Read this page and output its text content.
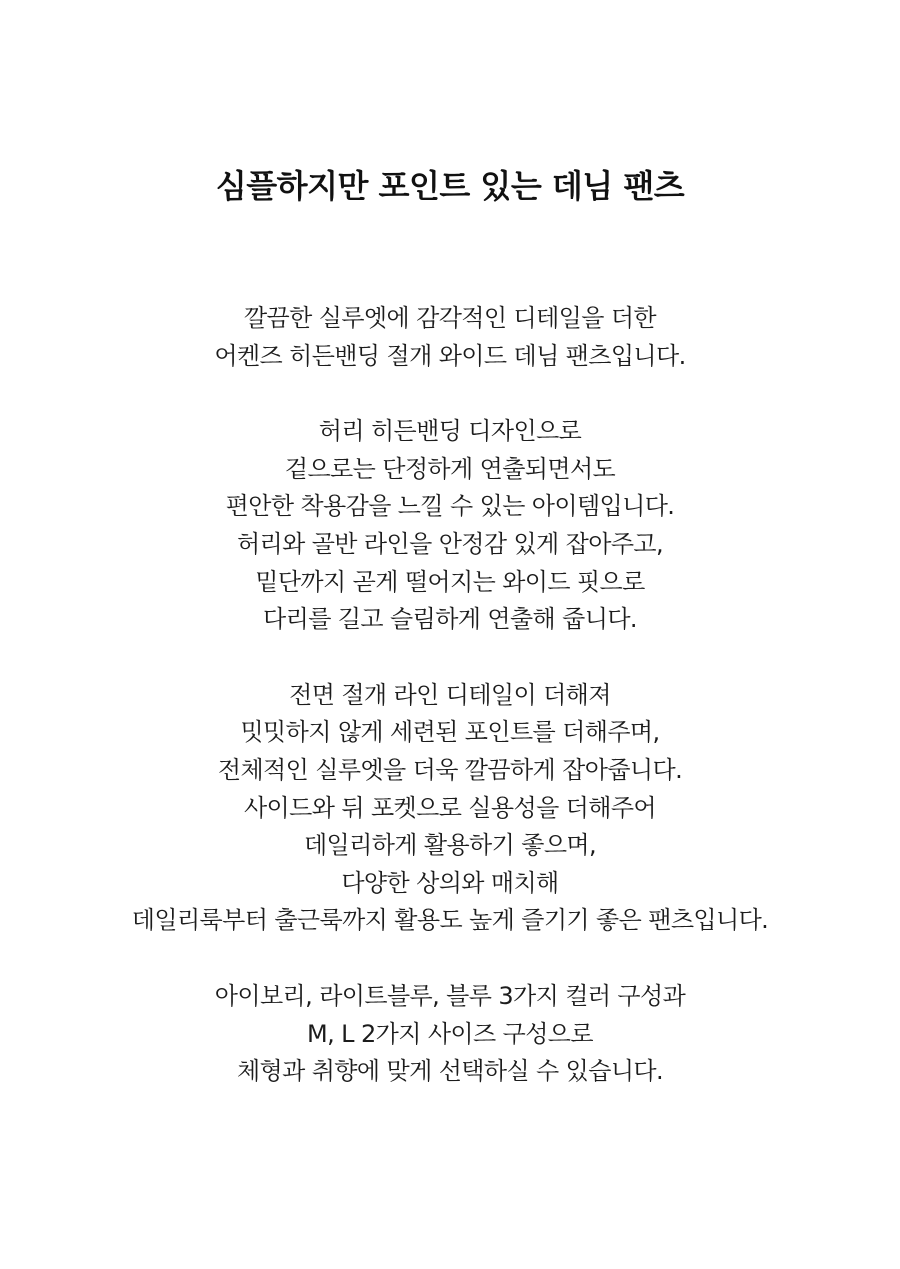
심플하지만 포인트 있는 데님 팬츠

깔끔한 실루엣에 감각적인 디테일을 더한
어켄즈 히든밴딩 절개 와이드 데님 팬츠입니다.

허리 히든밴딩 디자인으로
겉으로는 단정하게 연출되면서도
편안한 착용감을 느낄 수 있는 아이템입니다.
허리와 골반 라인을 안정감 있게 잡아주고,
밑단까지 곧게 떨어지는 와이드 핏으로
다리를 길고 슬림하게 연출해 줍니다.

전면 절개 라인 디테일이 더해져
밋밋하지 않게 세련된 포인트를 더해주며,
전체적인 실루엣을 더욱 깔끔하게 잡아줍니다.
사이드와 뒤 포켓으로 실용성을 더해주어
데일리하게 활용하기 좋으며,
다양한 상의와 매치해
데일리룩부터 출근룩까지 활용도 높게 즐기기 좋은 팬츠입니다.

아이보리, 라이트블루, 블루 3가지 컬러 구성과
M, L 2가지 사이즈 구성으로
체형과 취향에 맞게 선택하실 수 있습니다.
